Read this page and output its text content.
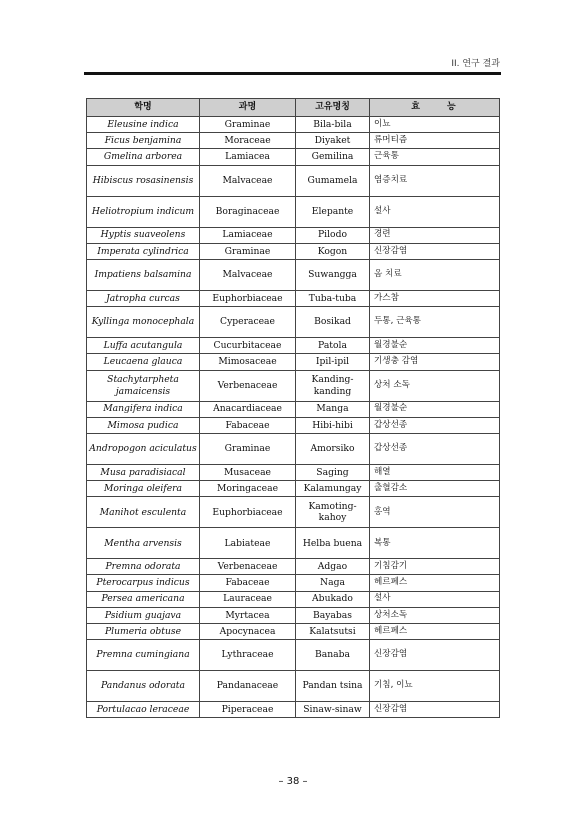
II. 연구 결과
학명	과명	고유명칭	효 능
Eleusine indica	Graminae	Bila-bila	이뇨
Ficus benjamina	Moraceae	Diyaket	류머티즘
Gmelina arborea	Lamiacea	Gemilina	근육통
Hibiscus rosasinensis	Malvaceae	Gumamela	염증치료
Heliotropium indicum	Boraginaceae	Elepante	설사
Hyptis suaveolens	Lamiaceae	Pilodo	경련
Imperata cylindrica	Graminae	Kogon	신장감염
Impatiens balsamina	Malvaceae	Suwangga	옴 치료
Jatropha curcas	Euphorbiaceae	Tuba-tuba	가스참
Kyllinga monocephala	Cyperaceae	Bosikad	두통, 근육통
Luffa acutangula	Cucurbitaceae	Patola	월경불순
Leucaena glauca	Mimosaceae	Ipil-ipil	기생충 감염
Stachytarpheta jamaicensis	Verbenaceae	Kanding-kanding	상처 소독
Mangifera indica	Anacardiaceae	Manga	월경불순
Mimosa pudica	Fabaceae	Hibi-hibi	갑상선종
Andropogon aciculatus	Graminae	Amorsiko	갑상선종
Musa paradisiacal	Musaceae	Saging	해열
Moringa oleifera	Moringaceae	Kalamungay	출혈감소
Manihot esculenta	Euphorbiaceae	Kamoting-kahoy	홍역
Mentha arvensis	Labiateae	Helba buena	복통
Premna odorata	Verbenaceae	Adgao	기침감기
Pterocarpus indicus	Fabaceae	Naga	헤르페스
Persea americana	Lauraceae	Abukado	설사
Psidium guajava	Myrtacea	Bayabas	상처소독
Plumeria obtuse	Apocynacea	Kalatsutsi	헤르페스
Premna cumingiana	Lythraceae	Banaba	신장감염
Pandanus odorata	Pandanaceae	Pandan tsina	기침, 이뇨
Portulacao leraceae	Piperaceae	Sinaw-sinaw	신장감염
– 38 –
